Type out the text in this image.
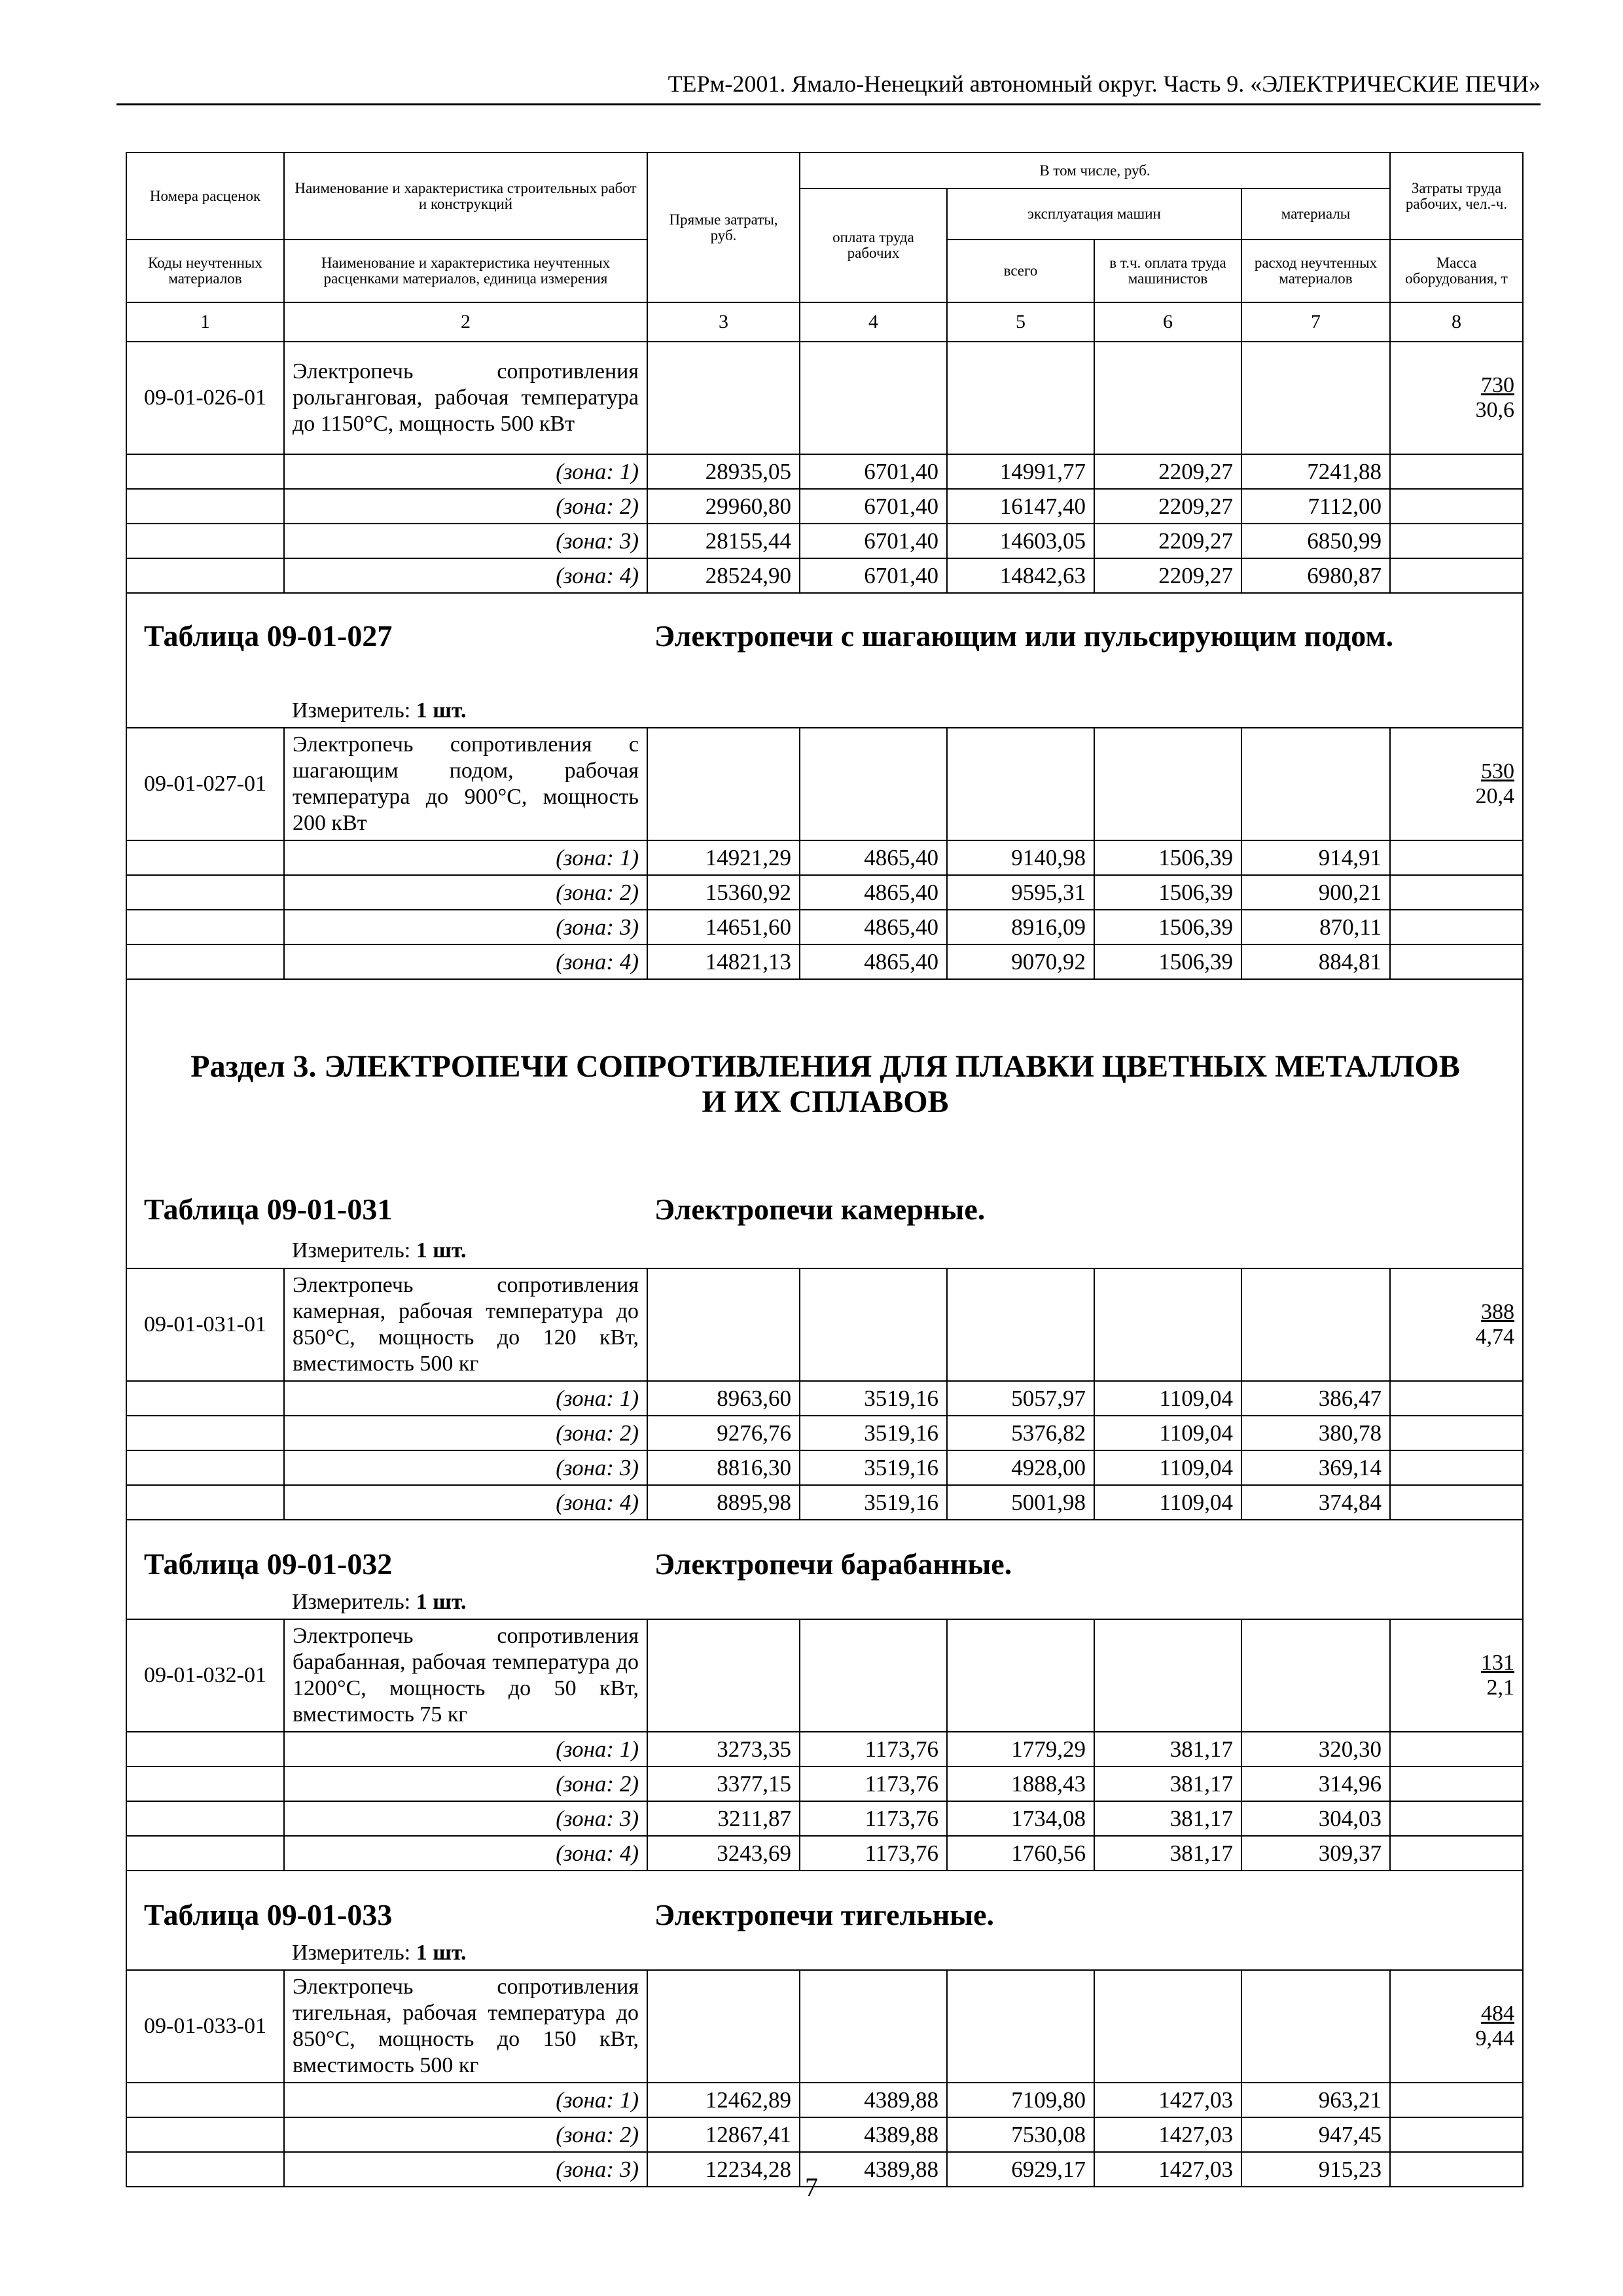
ТЕРм-2001. Ямало-Ненецкий автономный округ. Часть 9. «ЭЛЕКТРИЧЕСКИЕ ПЕЧИ»
Номера расценок	Наименование и характеристика строительных работ и конструкций	Прямые затраты, руб.	В том числе, руб.				Затраты труда рабочих, чел.-ч.
			оплата труда рабочих	эксплуатация машин		материалы	
Коды неучтенных материалов	Наименование и характеристика неучтенных расценками материалов, единица измерения			всего	в т.ч. оплата труда машинистов	расход неучтенных материалов	Масса оборудования, т
1	2	3	4	5	6	7	8
09-01-026-01	Электропечь сопротивления рольганговая, рабочая температура до 1150°С, мощность 500 кВт						730
30,6
	(зона: 1)	28935,05	6701,40	14991,77	2209,27	7241,88	
	(зона: 2)	29960,80	6701,40	16147,40	2209,27	7112,00	
	(зона: 3)	28155,44	6701,40	14603,05	2209,27	6850,99	
	(зона: 4)	28524,90	6701,40	14842,63	2209,27	6980,87	

Таблица 09-01-027 Электропечи с шагающим или пульсирующим подом.
Измеритель: 1 шт.							

09-01-027-01	Электропечь сопротивления с шагающим подом, рабочая температура до 900°С, мощность 200 кВт						530
20,4
	(зона: 1)	14921,29	4865,40	9140,98	1506,39	914,91	
	(зона: 2)	15360,92	4865,40	9595,31	1506,39	900,21	
	(зона: 3)	14651,60	4865,40	8916,09	1506,39	870,11	
	(зона: 4)	14821,13	4865,40	9070,92	1506,39	884,81	

Раздел 3. ЭЛЕКТРОПЕЧИ СОПРОТИВЛЕНИЯ ДЛЯ ПЛАВКИ ЦВЕТНЫХ МЕТАЛЛОВ
И ИХ СПЛАВОВ
Таблица 09-01-031 Электропечи камерные.
Измеритель: 1 шт.							

09-01-031-01	Электропечь сопротивления камерная, рабочая температура до 850°С, мощность до 120 кВт, вместимость 500 кг						388
4,74
	(зона: 1)	8963,60	3519,16	5057,97	1109,04	386,47	
	(зона: 2)	9276,76	3519,16	5376,82	1109,04	380,78	
	(зона: 3)	8816,30	3519,16	4928,00	1109,04	369,14	
	(зона: 4)	8895,98	3519,16	5001,98	1109,04	374,84	

Таблица 09-01-032 Электропечи барабанные.
Измеритель: 1 шт.							

09-01-032-01	Электропечь сопротивления барабанная, рабочая температура до 1200°С, мощность до 50 кВт, вместимость 75 кг						131
2,1
	(зона: 1)	3273,35	1173,76	1779,29	381,17	320,30	
	(зона: 2)	3377,15	1173,76	1888,43	381,17	314,96	
	(зона: 3)	3211,87	1173,76	1734,08	381,17	304,03	
	(зона: 4)	3243,69	1173,76	1760,56	381,17	309,37	

Таблица 09-01-033 Электропечи тигельные.
Измеритель: 1 шт.							

09-01-033-01	Электропечь сопротивления тигельная, рабочая температура до 850°С, мощность до 150 кВт, вместимость 500 кг						484
9,44
	(зона: 1)	12462,89	4389,88	7109,80	1427,03	963,21	
	(зона: 2)	12867,41	4389,88	7530,08	1427,03	947,45	
	(зона: 3)	12234,28	4389,88	6929,17	1427,03	915,23	
7
